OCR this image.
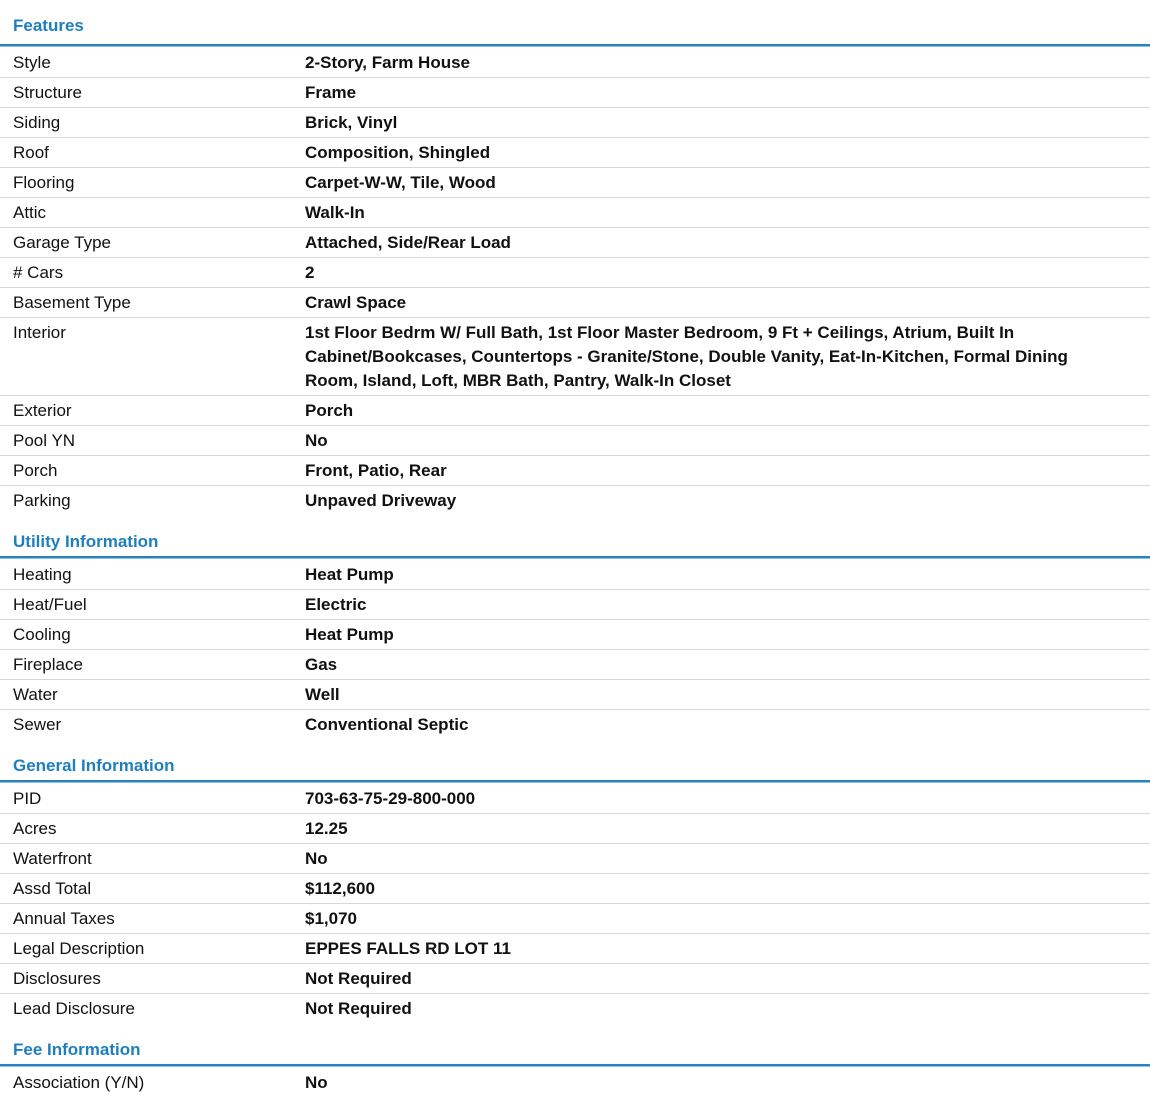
Features
Style	2-Story, Farm House
Structure	Frame
Siding	Brick, Vinyl
Roof	Composition, Shingled
Flooring	Carpet-W-W, Tile, Wood
Attic	Walk-In
Garage Type	Attached, Side/Rear Load
# Cars	2
Basement Type	Crawl Space
Interior	1st Floor Bedrm W/ Full Bath, 1st Floor Master Bedroom, 9 Ft + Ceilings, Atrium, Built In Cabinet/Bookcases, Countertops - Granite/Stone, Double Vanity, Eat-In-Kitchen, Formal Dining Room, Island, Loft, MBR Bath, Pantry, Walk-In Closet
Exterior	Porch
Pool YN	No
Porch	Front, Patio, Rear
Parking	Unpaved Driveway
Utility Information
Heating	Heat Pump
Heat/Fuel	Electric
Cooling	Heat Pump
Fireplace	Gas
Water	Well
Sewer	Conventional Septic
General Information
PID	703-63-75-29-800-000
Acres	12.25
Waterfront	No
Assd Total	$112,600
Annual Taxes	$1,070
Legal Description	EPPES FALLS RD LOT 11
Disclosures	Not Required
Lead Disclosure	Not Required
Fee Information
Association (Y/N)	No
